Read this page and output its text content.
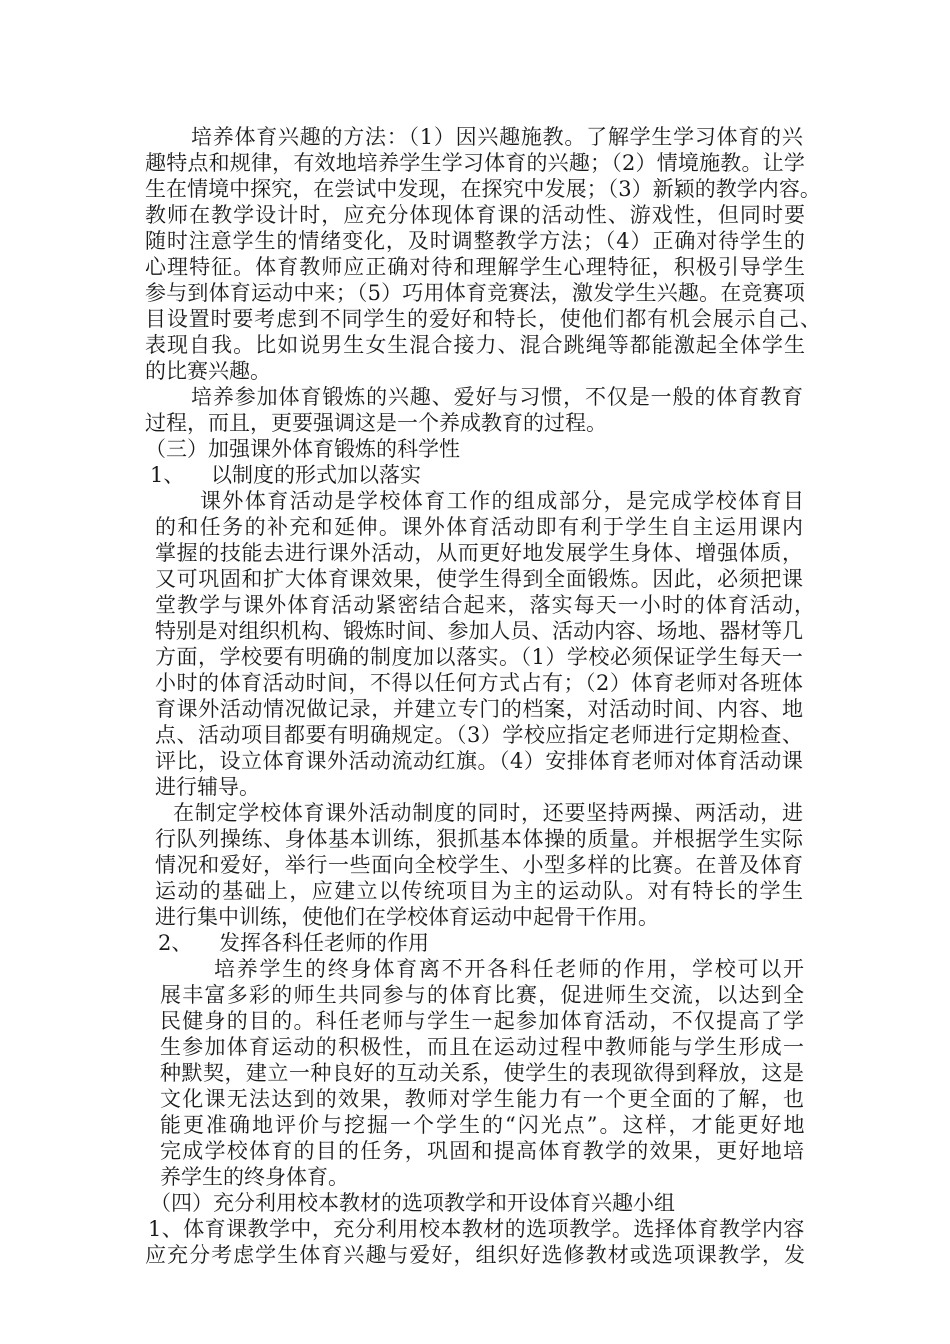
培养体育兴趣的方法：（1）因兴趣施教。了解学生学习体育的兴
趣特点和规律，有效地培养学生学习体育的兴趣；（2）情境施教。让学
生在情境中探究，在尝试中发现，在探究中发展；（3）新颖的教学内容。
教师在教学设计时，应充分体现体育课的活动性、游戏性，但同时要
随时注意学生的情绪变化，及时调整教学方法；（4）正确对待学生的
心理特征。体育教师应正确对待和理解学生心理特征，积极引导学生
参与到体育运动中来；（5）巧用体育竞赛法，激发学生兴趣。在竞赛项
目设置时要考虑到不同学生的爱好和特长，使他们都有机会展示自己、
表现自我。比如说男生女生混合接力、混合跳绳等都能激起全体学生
的比赛兴趣。
培养参加体育锻炼的兴趣、爱好与习惯，不仅是一般的体育教育
过程，而且，更要强调这是一个养成教育的过程。
（三）加强课外体育锻炼的科学性
1、    以制度的形式加以落实
课外体育活动是学校体育工作的组成部分，是完成学校体育目
的和任务的补充和延伸。课外体育活动即有利于学生自主运用课内
掌握的技能去进行课外活动，从而更好地发展学生身体、增强体质，
又可巩固和扩大体育课效果，使学生得到全面锻炼。因此，必须把课
堂教学与课外体育活动紧密结合起来，落实每天一小时的体育活动，
特别是对组织机构、锻炼时间、参加人员、活动内容、场地、器材等几
方面，学校要有明确的制度加以落实。（1）学校必须保证学生每天一
小时的体育活动时间，不得以任何方式占有；（2）体育老师对各班体
育课外活动情况做记录，并建立专门的档案，对活动时间、内容、地
点、活动项目都要有明确规定。（3）学校应指定老师进行定期检查、
评比，设立体育课外活动流动红旗。（4）安排体育老师对体育活动课
进行辅导。
在制定学校体育课外活动制度的同时，还要坚持两操、两活动，进
行队列操练、身体基本训练，狠抓基本体操的质量。并根据学生实际
情况和爱好，举行一些面向全校学生、小型多样的比赛。在普及体育
运动的基础上，应建立以传统项目为主的运动队。对有特长的学生
进行集中训练，使他们在学校体育运动中起骨干作用。
2、    发挥各科任老师的作用
培养学生的终身体育离不开各科任老师的作用，学校可以开
展丰富多彩的师生共同参与的体育比赛，促进师生交流，以达到全
民健身的目的。科任老师与学生一起参加体育活动，不仅提高了学
生参加体育运动的积极性，而且在运动过程中教师能与学生形成一
种默契，建立一种良好的互动关系，使学生的表现欲得到释放，这是
文化课无法达到的效果，教师对学生能力有一个更全面的了解，也
能更准确地评价与挖掘一个学生的“闪光点”。这样，才能更好地
完成学校体育的目的任务，巩固和提高体育教学的效果，更好地培
养学生的终身体育。
（四）充分利用校本教材的选项教学和开设体育兴趣小组
1、体育课教学中，充分利用校本教材的选项教学。选择体育教学内容
应充分考虑学生体育兴趣与爱好，组织好选修教材或选项课教学，发
